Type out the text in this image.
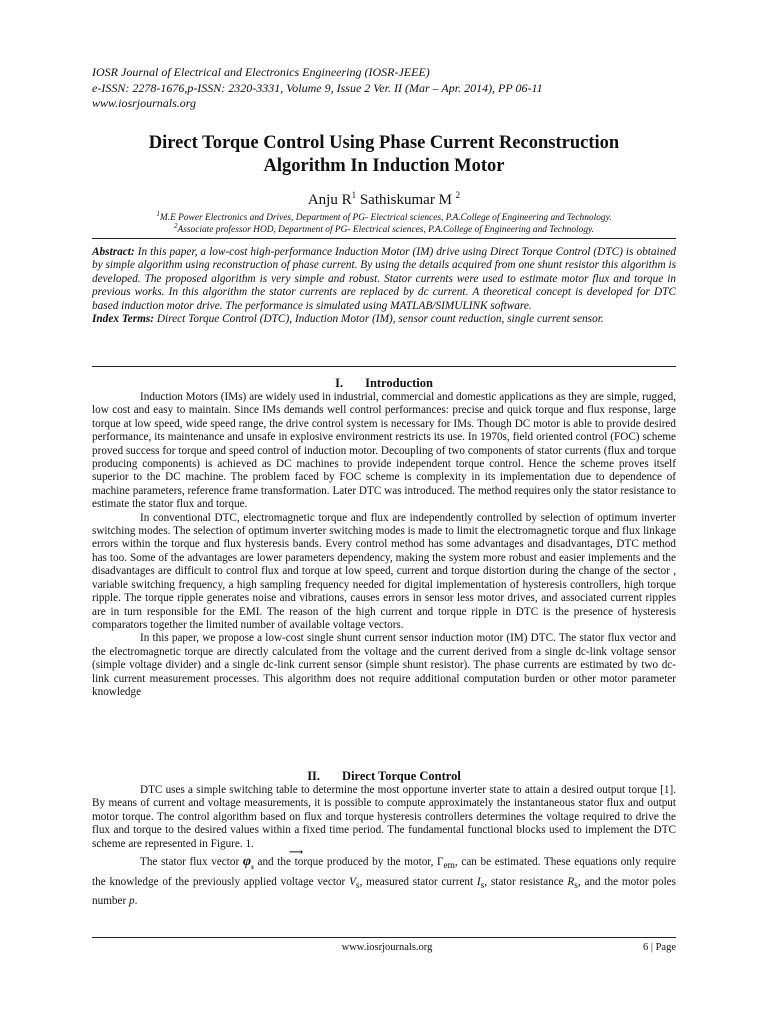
IOSR Journal of Electrical and Electronics Engineering (IOSR-JEEE)
e-ISSN: 2278-1676,p-ISSN: 2320-3331, Volume 9, Issue 2 Ver. II (Mar – Apr. 2014), PP 06-11
www.iosrjournals.org
Direct Torque Control Using Phase Current Reconstruction
Algorithm In Induction Motor
Anju $R^1$ Sathiskumar M $^2$
$^1$M.E Power Electronics and Drives, Department of PG- Electrical sciences, P.A.College of Engineering and Technology.
$^2$Associate professor HOD, Department of PG- Electrical sciences, P.A.College of Engineering and Technology.
Abstract: In this paper, a low-cost high-performance Induction Motor (IM) drive using Direct Torque Control (DTC) is obtained by simple algorithm using reconstruction of phase current. By using the details acquired from one shunt resistor this algorithm is developed. The proposed algorithm is very simple and robust. Stator currents were used to estimate motor flux and torque in previous works. In this algorithm the stator currents are replaced by dc current. A theoretical concept is developed for DTC based induction motor drive. The performance is simulated using MATLAB/SIMULINK software.
Index Terms: Direct Torque Control (DTC), Induction Motor (IM), sensor count reduction, single current sensor.
I. Introduction

Induction Motors (IMs) are widely used in industrial, commercial and domestic applications as they are simple, rugged, low cost and easy to maintain. Since IMs demands well control performances: precise and quick torque and flux response, large torque at low speed, wide speed range, the drive control system is necessary for IMs. Though DC motor is able to provide desired performance, its maintenance and unsafe in explosive environment restricts its use. In 1970s, field oriented control (FOC) scheme proved success for torque and speed control of induction motor. Decoupling of two components of stator currents (flux and torque producing components) is achieved as DC machines to provide independent torque control. Hence the scheme proves itself superior to the DC machine. The problem faced by FOC scheme is complexity in its implementation due to dependence of machine parameters, reference frame transformation. Later DTC was introduced. The method requires only the stator resistance to estimate the stator flux and torque.

In conventional DTC, electromagnetic torque and flux are independently controlled by selection of optimum inverter switching modes. The selection of optimum inverter switching modes is made to limit the electromagnetic torque and flux linkage errors within the torque and flux hysteresis bands. Every control method has some advantages and disadvantages, DTC method has too. Some of the advantages are lower parameters dependency, making the system more robust and easier implements and the disadvantages are difficult to control flux and torque at low speed, current and torque distortion during the change of the sector , variable switching frequency, a high sampling frequency needed for digital implementation of hysteresis controllers, high torque ripple. The torque ripple generates noise and vibrations, causes errors in sensor less motor drives, and associated current ripples are in turn responsible for the EMI. The reason of the high current and torque ripple in DTC is the presence of hysteresis comparators together the limited number of available voltage vectors.

In this paper, we propose a low-cost single shunt current sensor induction motor (IM) DTC. The stator flux vector and the electromagnetic torque are directly calculated from the voltage and the current derived from a single dc-link voltage sensor (simple voltage divider) and a single dc-link current sensor (simple shunt resistor). The phase currents are estimated by two dc-link current measurement processes. This algorithm does not require additional computation burden or other motor parameter knowledge

II. Direct Torque Control

DTC uses a simple switching table to determine the most opportune inverter state to attain a desired output torque [1]. By means of current and voltage measurements, it is possible to compute approximately the instantaneous stator flux and output motor torque. The control algorithm based on flux and torque hysteresis controllers determines the voltage required to drive the flux and torque to the desired values within a fixed time period. The fundamental functional blocks used to implement the DTC scheme are represented in Figure. 1.

The stator flux vector
⟶
$\varphi_s$ and the torque produced by the motor, $\Gamma_{em}$, can be estimated. These equations only require the knowledge of the previously applied voltage vector $V_s$, measured stator current $I_s$, stator resistance $R_s$, and the motor poles number p.

www.iosrjournals.org	6 | Page
